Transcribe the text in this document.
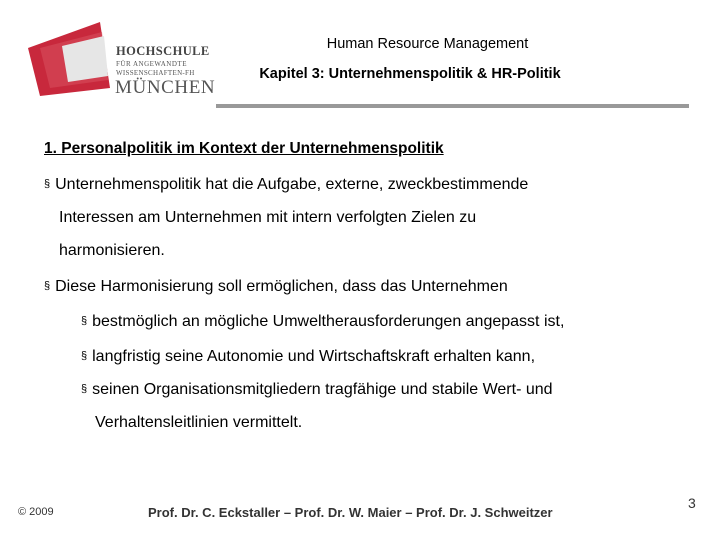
HOCHSCHULE
FÜR ANGEWANDTE
WISSENSCHAFTEN-FH
MÜNCHEN
Human Resource Management
Kapitel 3: Unternehmenspolitik & HR-Politik
1. Personalpolitik im Kontext der Unternehmenspolitik
§ Unternehmenspolitik hat die Aufgabe, externe, zweckbestimmende
Interessen am Unternehmen mit intern verfolgten Zielen zu
harmonisieren.
§ Diese Harmonisierung soll ermöglichen, dass das Unternehmen
§ bestmöglich an mögliche Umweltherausforderungen angepasst ist,
§ langfristig seine Autonomie und Wirtschaftskraft erhalten kann,
§ seinen Organisationsmitgliedern tragfähige und stabile Wert- und
Verhaltensleitlinien vermittelt.
© 2009	Prof. Dr. C. Eckstaller – Prof. Dr. W. Maier – Prof. Dr. J. Schweitzer
3
